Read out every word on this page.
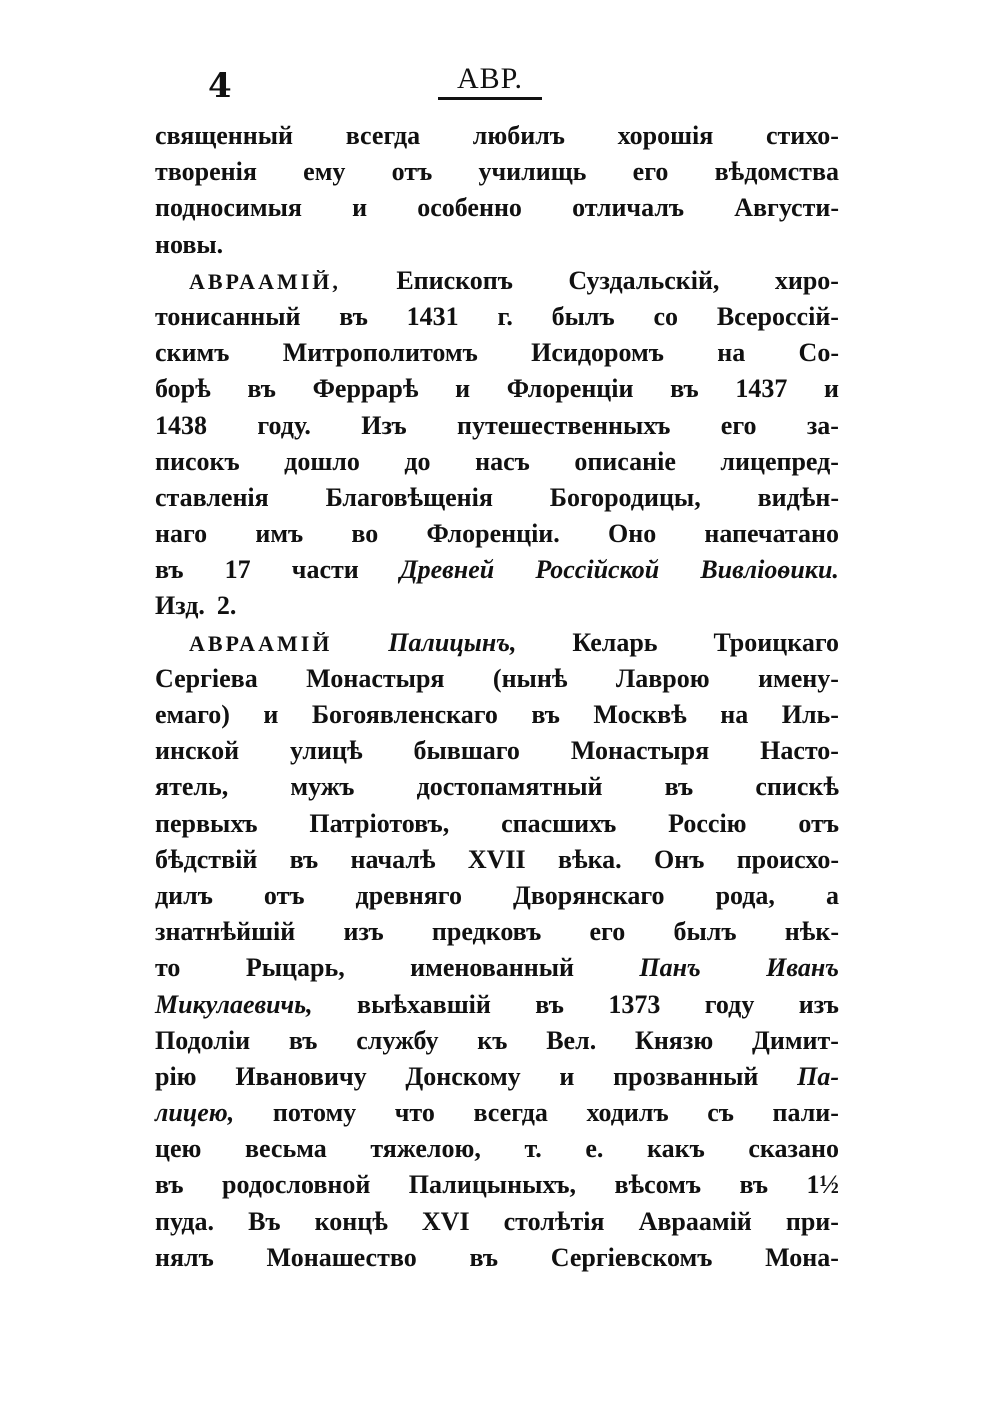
4	АВР.
священный всегда любилъ хорошія стихо-
творенія ему отъ училищь его вѣдомства
подносимыя и особенно отличалъ Августи-
новы.
АВРААМІЙ, Епископъ Суздальскій, хиро-
тонисанный въ 1431 г. былъ со Всероссій-
скимъ Митрополитомъ Исидоромъ на Со-
борѣ въ Феррарѣ и Флоренціи въ 1437 и
1438 году. Изъ путешественныхъ его за-
писокъ дошло до насъ описаніе лицепред-
ставленія Благовѣщенія Богородицы, видѣн-
наго имъ во Флоренціи. Оно напечатано
въ 17 части Древней Россійской Вивліоѳики.
Изд. 2.
АВРААМІЙ Палицынъ, Келарь Троицкаго
Сергіева Монастыря (нынѣ Лаврою имену-
емаго) и Богоявленскаго въ Москвѣ на Иль-
инской улицѣ бывшаго Монастыря Насто-
ятель, мужъ достопамятный въ спискѣ
первыхъ Патріотовъ, спасшихъ Россію отъ
бѣдствій въ началѣ XVII вѣка. Онъ происхо-
дилъ отъ древняго Дворянскаго рода, а
знатнѣйшій изъ предковъ его былъ нѣк-
то	Рыцарь,	именованный	Панъ	Иванъ
Микулаевичь, выѣхавшій въ 1373 году изъ
Подоліи въ службу къ Вел. Князю Димит-
рію Ивановичу Донскому и прозванный Па-
лицею, потому что всегда ходилъ съ пали-
цею весьма тяжелою, т. е. какъ сказано
въ родословной Палицыныхъ, вѣсомъ въ 1½
пуда. Въ концѣ XVI столѣтія Авраамій при-
нялъ Монашество въ Сергіевскомъ Мона-
